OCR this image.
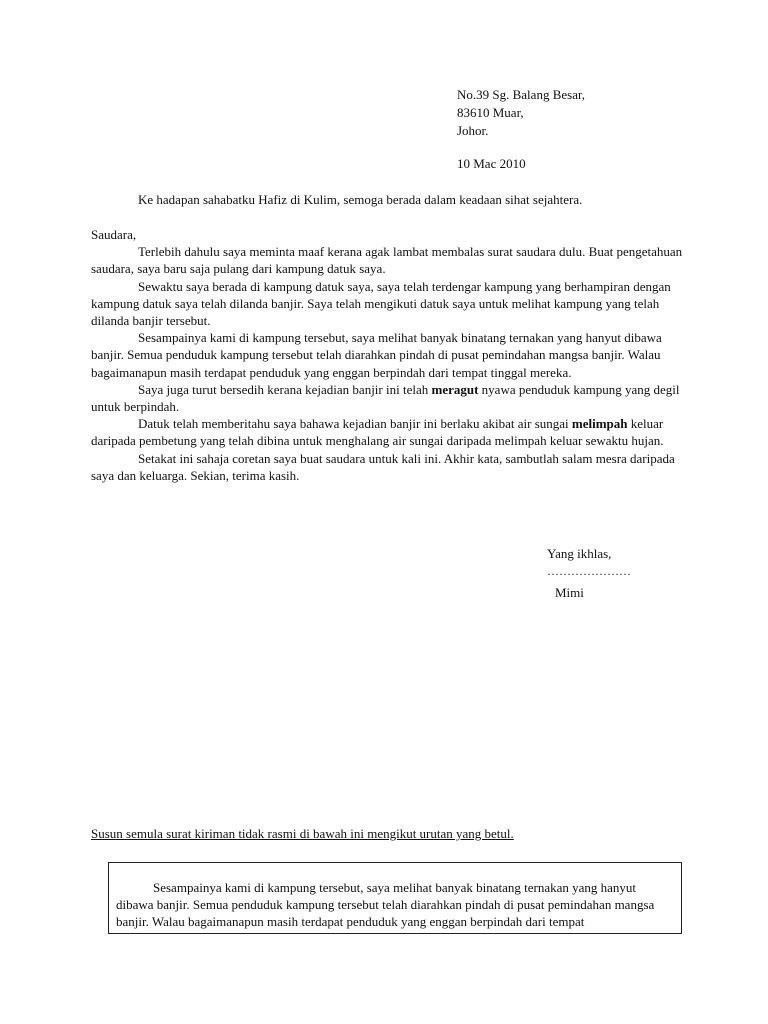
No.39 Sg. Balang Besar,
83610 Muar,
Johor.
10 Mac 2010
Ke hadapan sahabatku Hafiz di Kulim, semoga berada dalam keadaan sihat sejahtera.
Saudara,

Terlebih dahulu saya meminta maaf kerana agak lambat membalas surat saudara dulu. Buat pengetahuan saudara, saya baru saja pulang dari kampung datuk saya.

Sewaktu saya berada di kampung datuk saya, saya telah terdengar kampung yang berhampiran dengan kampung datuk saya telah dilanda banjir. Saya telah mengikuti datuk saya untuk melihat kampung yang telah dilanda banjir tersebut.

Sesampainya kami di kampung tersebut, saya melihat banyak binatang ternakan yang hanyut dibawa banjir. Semua penduduk kampung tersebut telah diarahkan pindah di pusat pemindahan mangsa banjir. Walau bagaimanapun masih terdapat penduduk yang enggan berpindah dari tempat tinggal mereka.

Saya juga turut bersedih kerana kejadian banjir ini telah meragut nyawa penduduk kampung yang degil untuk berpindah.

Datuk telah memberitahu saya bahawa kejadian banjir ini berlaku akibat air sungai melimpah keluar daripada pembetung yang telah dibina untuk menghalang air sungai daripada melimpah keluar sewaktu hujan.

Setakat ini sahaja coretan saya buat saudara untuk kali ini. Akhir kata, sambutlah salam mesra daripada saya dan keluarga. Sekian, terima kasih.

Yang ikhlas,
…………………
Mimi
Susun semula surat kiriman tidak rasmi di bawah ini mengikut urutan yang betul.

Sesampainya kami di kampung tersebut, saya melihat banyak binatang ternakan yang hanyut dibawa banjir. Semua penduduk kampung tersebut telah diarahkan pindah di pusat pemindahan mangsa banjir. Walau bagaimanapun masih terdapat penduduk yang enggan berpindah dari tempat
